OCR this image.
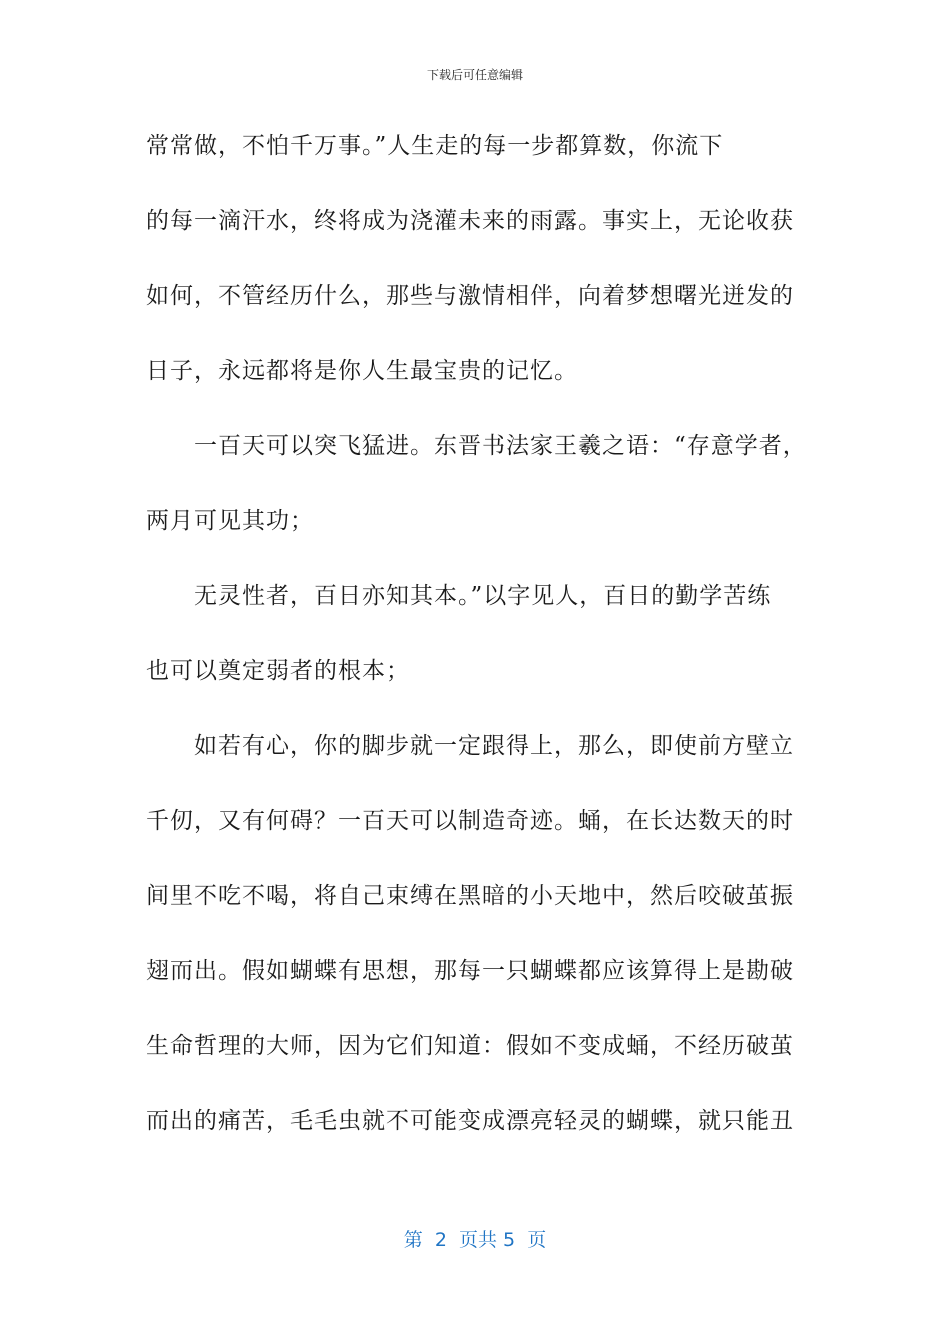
下载后可任意编辑
常常做，不怕千万事。”人生走的每一步都算数，你流下
的每一滴汗水，终将成为浇灌未来的雨露。事实上，无论收获
如何，不管经历什么，那些与激情相伴，向着梦想曙光迸发的
日子，永远都将是你人生最宝贵的记忆。
一百天可以突飞猛进。东晋书法家王羲之语：“存意学者，
两月可见其功；
无灵性者，百日亦知其本。”以字见人，百日的勤学苦练
也可以奠定弱者的根本；
如若有心，你的脚步就一定跟得上，那么，即使前方壁立
千仞，又有何碍？一百天可以制造奇迹。蛹，在长达数天的时
间里不吃不喝，将自己束缚在黑暗的小天地中，然后咬破茧振
翅而出。假如蝴蝶有思想，那每一只蝴蝶都应该算得上是勘破
生命哲理的大师，因为它们知道：假如不变成蛹，不经历破茧
而出的痛苦，毛毛虫就不可能变成漂亮轻灵的蝴蝶，就只能丑
第  2  页共 5  页
